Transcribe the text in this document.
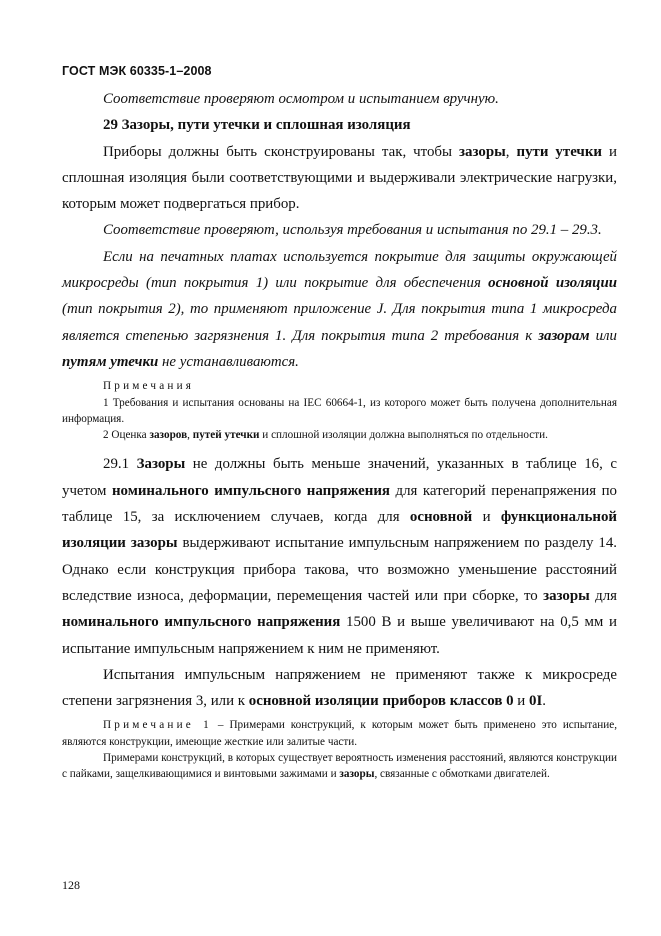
ГОСТ МЭК 60335-1–2008

Соответствие проверяют осмотром и испытанием вручную.

29 Зазоры, пути утечки и сплошная изоляция

Приборы должны быть сконструированы так, чтобы зазоры, пути утечки и сплошная изоляция были соответствующими и выдерживали электрические нагрузки, которым может подвергаться прибор.

Соответствие проверяют, используя требования и испытания по 29.1 – 29.3.

Если на печатных платах используется покрытие для защиты окружающей микросреды (тип покрытия 1) или покрытие для обеспечения основной изоляции (тип покрытия 2), то применяют приложение J. Для покрытия типа 1 микросреда является степенью загрязнения 1. Для покрытия типа 2 требования к зазорам или путям утечки не устанавливаются.

Примечания

1 Требования и испытания основаны на IEC 60664-1, из которого может быть получена дополнительная информация.

2 Оценка зазоров, путей утечки и сплошной изоляции должна выполняться по отдельности.

29.1 Зазоры не должны быть меньше значений, указанных в таблице 16, с учетом номинального импульсного напряжения для категорий перенапряжения по таблице 15, за исключением случаев, когда для основной и функциональной изоляции зазоры выдерживают испытание импульсным напряжением по разделу 14. Однако если конструкция прибора такова, что возможно уменьшение расстояний вследствие износа, деформации, перемещения частей или при сборке, то зазоры для номинального импульсного напряжения 1500 В и выше увеличивают на 0,5 мм и испытание импульсным напряжением к ним не применяют.

Испытания импульсным напряжением не применяют также к микросреде степени загрязнения 3, или к основной изоляции приборов классов 0 и 0I.

Примечание 1 – Примерами конструкций, к которым может быть применено это испытание, являются конструкции, имеющие жесткие или залитые части.

Примерами конструкций, в которых существует вероятность изменения расстояний, являются конструкции с пайками, защелкивающимися и винтовыми зажимами и зазоры, связанные с обмотками двигателей.

128
